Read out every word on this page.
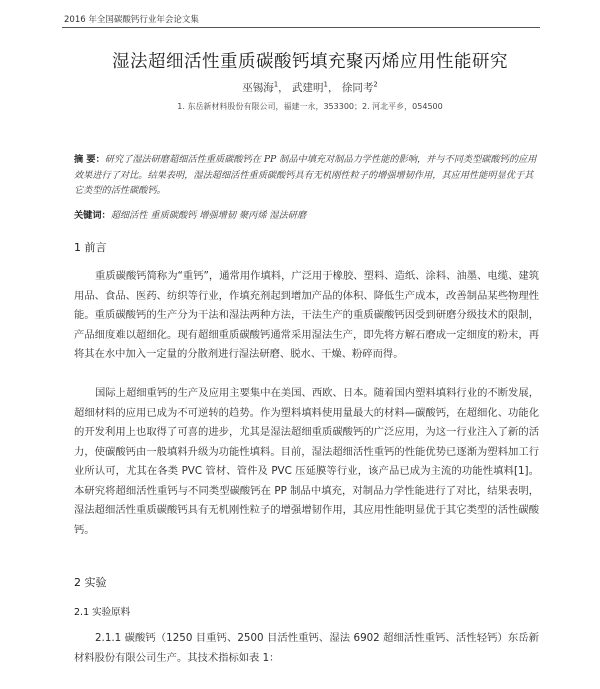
2016 年全国碳酸钙行业年会论文集
湿法超细活性重质碳酸钙填充聚丙烯应用性能研究
巫锡海$^1$， 武建明$^1$， 徐同考$^2$
1. 东岳新材料股份有限公司，福建一永，353300；2. 河北平乡，054500

摘 要：研究了湿法研磨超细活性重质碳酸钙在 PP 制品中填充对制品力学性能的影响，并与不同类型碳酸钙的应用效果进行了对比。结果表明，湿法超细活性重质碳酸钙具有无机刚性粒子的增强增韧作用，其应用性能明显优于其它类型的活性碳酸钙。

关键词：超细活性 重质碳酸钙 增强增韧 聚丙烯 湿法研磨

1 前言

重质碳酸钙简称为“重钙”，通常用作填料，广泛用于橡胶、塑料、造纸、涂料、油墨、电缆、建筑用品、食品、医药、纺织等行业，作填充剂起到增加产品的体积、降低生产成本，改善制品某些物理性能。重质碳酸钙的生产分为干法和湿法两种方法，干法生产的重质碳酸钙因受到研磨分级技术的限制，产品细度难以超细化。现有超细重质碳酸钙通常采用湿法生产，即先将方解石磨成一定细度的粉末，再将其在水中加入一定量的分散剂进行湿法研磨、脱水、干燥、粉碎而得。

国际上超细重钙的生产及应用主要集中在美国、西欧、日本。随着国内塑料填料行业的不断发展，超细材料的应用已成为不可逆转的趋势。作为塑料填料使用量最大的材料—碳酸钙，在超细化、功能化的开发利用上也取得了可喜的进步，尤其是湿法超细重质碳酸钙的广泛应用，为这一行业注入了新的活力，使碳酸钙由一般填料升级为功能性填料。目前，湿法超细活性重钙的性能优势已逐渐为塑料加工行业所认可，尤其在各类 PVC 管材、管件及 PVC 压延膜等行业，该产品已成为主流的功能性填料[1]。本研究将超细活性重钙与不同类型碳酸钙在 PP 制品中填充，对制品力学性能进行了对比，结果表明，湿法超细活性重质碳酸钙具有无机刚性粒子的增强增韧作用，其应用性能明显优于其它类型的活性碳酸钙。

2 实验
2.1 实验原料

2.1.1 碳酸钙（1250 目重钙、2500 目活性重钙、湿法 6902 超细活性重钙、活性轻钙）东岳新材料股份有限公司生产。其技术指标如表 1：
